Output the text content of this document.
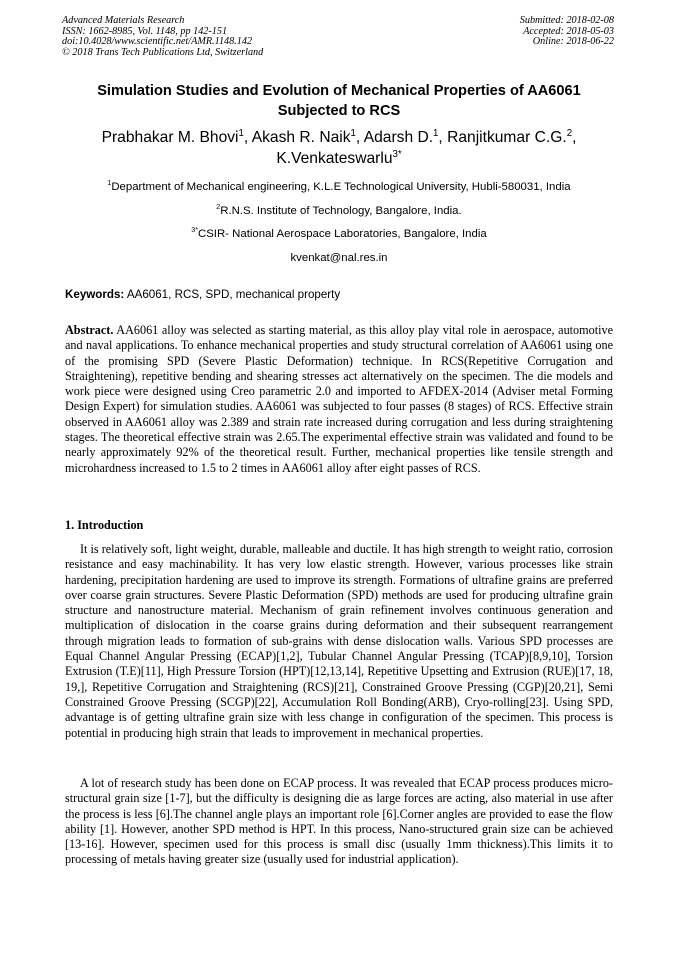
Advanced Materials Research
ISSN: 1662-8985, Vol. 1148, pp 142-151
doi:10.4028/www.scientific.net/AMR.1148.142
© 2018 Trans Tech Publications Ltd, Switzerland
Submitted: 2018-02-08
Accepted: 2018-05-03
Online: 2018-06-22
Simulation Studies and Evolution of Mechanical Properties of AA6061
Subjected to RCS
Prabhakar M. Bhovi$^1$, Akash R. Naik$^1$, Adarsh D.$^1$, Ranjitkumar C.G.$^2$,
K.Venkateswarlu$^{3*}$
$^1$Department of Mechanical engineering, K.L.E Technological University, Hubli-580031, India
$^2$R.N.S. Institute of Technology, Bangalore, India.
$^{3*}$CSIR- National Aerospace Laboratories, Bangalore, India
kvenkat@nal.res.in
Keywords: AA6061, RCS, SPD, mechanical property
Abstract. AA6061 alloy was selected as starting material, as this alloy play vital role in aerospace, automotive and naval applications. To enhance mechanical properties and study structural correlation of AA6061 using one of the promising SPD (Severe Plastic Deformation) technique. In RCS(Repetitive Corrugation and Straightening), repetitive bending and shearing stresses act alternatively on the specimen. The die models and work piece were designed using Creo parametric 2.0 and imported to AFDEX-2014 (Adviser metal Forming Design Expert) for simulation studies. AA6061 was subjected to four passes (8 stages) of RCS. Effective strain observed in AA6061 alloy was 2.389 and strain rate increased during corrugation and less during straightening stages. The theoretical effective strain was 2.65.The experimental effective strain was validated and found to be nearly approximately 92% of the theoretical result. Further, mechanical properties like tensile strength and microhardness increased to 1.5 to 2 times in AA6061 alloy after eight passes of RCS.
1. Introduction

It is relatively soft, light weight, durable, malleable and ductile. It has high strength to weight ratio, corrosion resistance and easy machinability. It has very low elastic strength. However, various processes like strain hardening, precipitation hardening are used to improve its strength. Formations of ultrafine grains are preferred over coarse grain structures. Severe Plastic Deformation (SPD) methods are used for producing ultrafine grain structure and nanostructure material. Mechanism of grain refinement involves continuous generation and multiplication of dislocation in the coarse grains during deformation and their subsequent rearrangement through migration leads to formation of sub-grains with dense dislocation walls. Various SPD processes are Equal Channel Angular Pressing (ECAP)[1,2], Tubular Channel Angular Pressing (TCAP)[8,9,10], Torsion Extrusion (T.E)[11], High Pressure Torsion (HPT)[12,13,14], Repetitive Upsetting and Extrusion (RUE)[17, 18, 19,], Repetitive Corrugation and Straightening (RCS)[21], Constrained Groove Pressing (CGP)[20,21], Semi Constrained Groove Pressing (SCGP)[22], Accumulation Roll Bonding(ARB), Cryo-rolling[23]. Using SPD, advantage is of getting ultrafine grain size with less change in configuration of the specimen. This process is potential in producing high strain that leads to improvement in mechanical properties.

A lot of research study has been done on ECAP process. It was revealed that ECAP process produces micro-structural grain size [1-7], but the difficulty is designing die as large forces are acting, also material in use after the process is less [6].The channel angle plays an important role [6].Corner angles are provided to ease the flow ability [1]. However, another SPD method is HPT. In this process, Nano-structured grain size can be achieved [13-16]. However, specimen used for this process is small disc (usually 1mm thickness).This limits it to processing of metals having greater size (usually used for industrial application).
